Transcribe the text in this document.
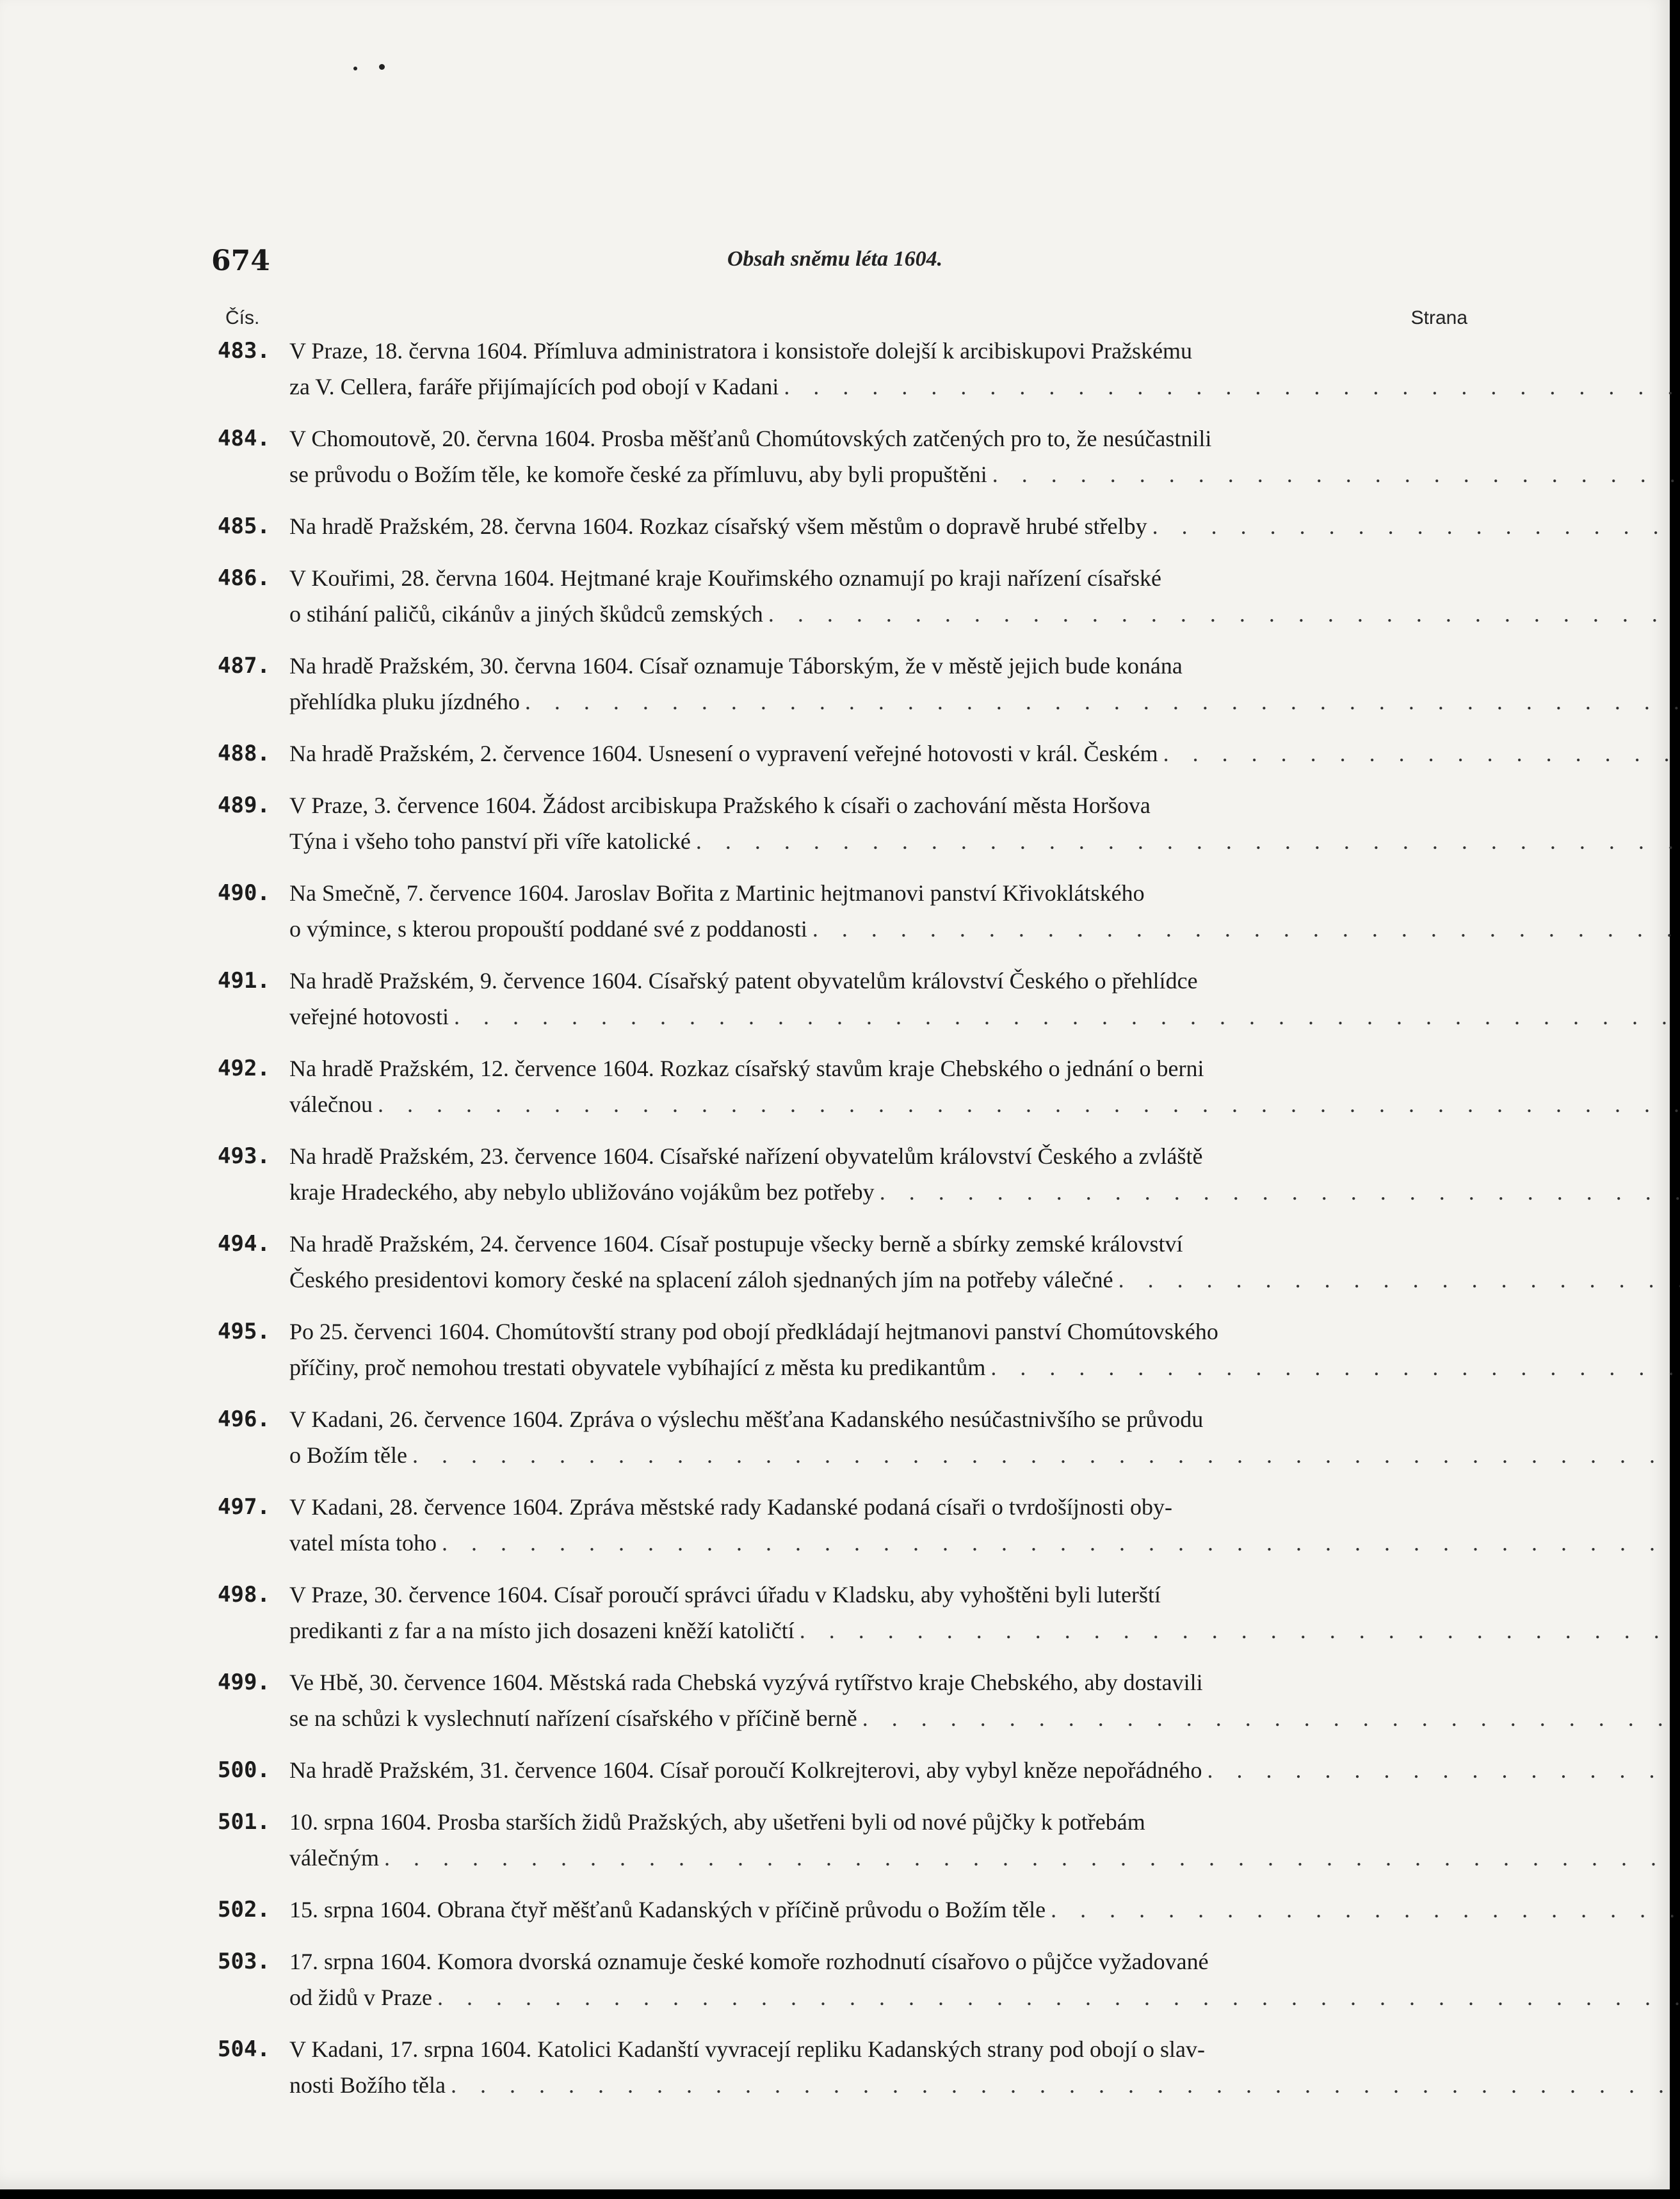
674	Obsah sněmu léta 1604.
Čís.	Strana
483. V Praze, 18. června 1604. Přímluva administratora i konsistoře dolejší k arcibiskupovi Pražskému
za V. Cellera, faráře přijímajících pod obojí v Kadani
. . .
484. V Chomoutově, 20. června 1604. Prosba měšťanů Chomútovských zatčených pro to, že nesúčastnili
se průvodu o Božím těle, ke komoře české za přímluvu, aby byli propuštěni
. . .
485. Na hradě Pražském, 28. června 1604. Rozkaz císařský všem městům o dopravě hrubé střelby
. . .
486. V Kouřimi, 28. června 1604. Hejtmané kraje Kouřimského oznamují po kraji nařízení císařské
o stihání paličů, cikánův a jiných škůdců zemských
. . .
487. Na hradě Pražském, 30. června 1604. Císař oznamuje Táborským, že v městě jejich bude konána
přehlídka pluku jízdného
. . .
488. Na hradě Pražském, 2. července 1604. Usnesení o vypravení veřejné hotovosti v král. Českém
. . .
489. V Praze, 3. července 1604. Žádost arcibiskupa Pražského k císaři o zachování města Horšova
Týna i všeho toho panství při víře katolické
. . .
490. Na Smečně, 7. července 1604. Jaroslav Bořita z Martinic hejtmanovi panství Křivoklátského
o výmince, s kterou propouští poddané své z poddanosti
. . .
491. Na hradě Pražském, 9. července 1604. Císařský patent obyvatelům království Českého o přehlídce
veřejné hotovosti
. . .
492. Na hradě Pražském, 12. července 1604. Rozkaz císařský stavům kraje Chebského o jednání o berni
válečnou
. . .
493. Na hradě Pražském, 23. července 1604. Císařské nařízení obyvatelům království Českého a zvláště
kraje Hradeckého, aby nebylo ubližováno vojákům bez potřeby
. . .
494. Na hradě Pražském, 24. července 1604. Císař postupuje všecky berně a sbírky zemské království
Českého presidentovi komory české na splacení záloh sjednaných jím na potřeby válečné
. . .
495. Po 25. červenci 1604. Chomútovští strany pod obojí předkládají hejtmanovi panství Chomútovského
příčiny, proč nemohou trestati obyvatele vybíhající z města ku predikantům
. . .
496. V Kadani, 26. července 1604. Zpráva o výslechu měšťana Kadanského nesúčastnivšího se průvodu
o Božím těle
. . .
497. V Kadani, 28. července 1604. Zpráva městské rady Kadanské podaná císaři o tvrdošíjnosti oby-
vatel místa toho
. . .
498. V Praze, 30. července 1604. Císař poroučí správci úřadu v Kladsku, aby vyhoštěni byli luterští
predikanti z far a na místo jich dosazeni kněží katoličtí
. . .
499. Ve Hbě, 30. července 1604. Městská rada Chebská vyzývá rytířstvo kraje Chebského, aby dostavili
se na schůzi k vyslechnutí nařízení císařského v příčině berně
. . .
500. Na hradě Pražském, 31. července 1604. Císař poroučí Kolkrejterovi, aby vybyl kněze nepořádného
. . .
501. 10. srpna 1604. Prosba starších židů Pražských, aby ušetřeni byli od nové půjčky k potřebám
válečným
. . .
502. 15. srpna 1604. Obrana čtyř měšťanů Kadanských v příčině průvodu o Božím těle
. . .
503. 17. srpna 1604. Komora dvorská oznamuje české komoře rozhodnutí císařovo o půjčce vyžadované
od židů v Praze
. . .
504. V Kadani, 17. srpna 1604. Katolici Kadanští vyvracejí repliku Kadanských strany pod obojí o slav-
nosti Božího těla
. . .
